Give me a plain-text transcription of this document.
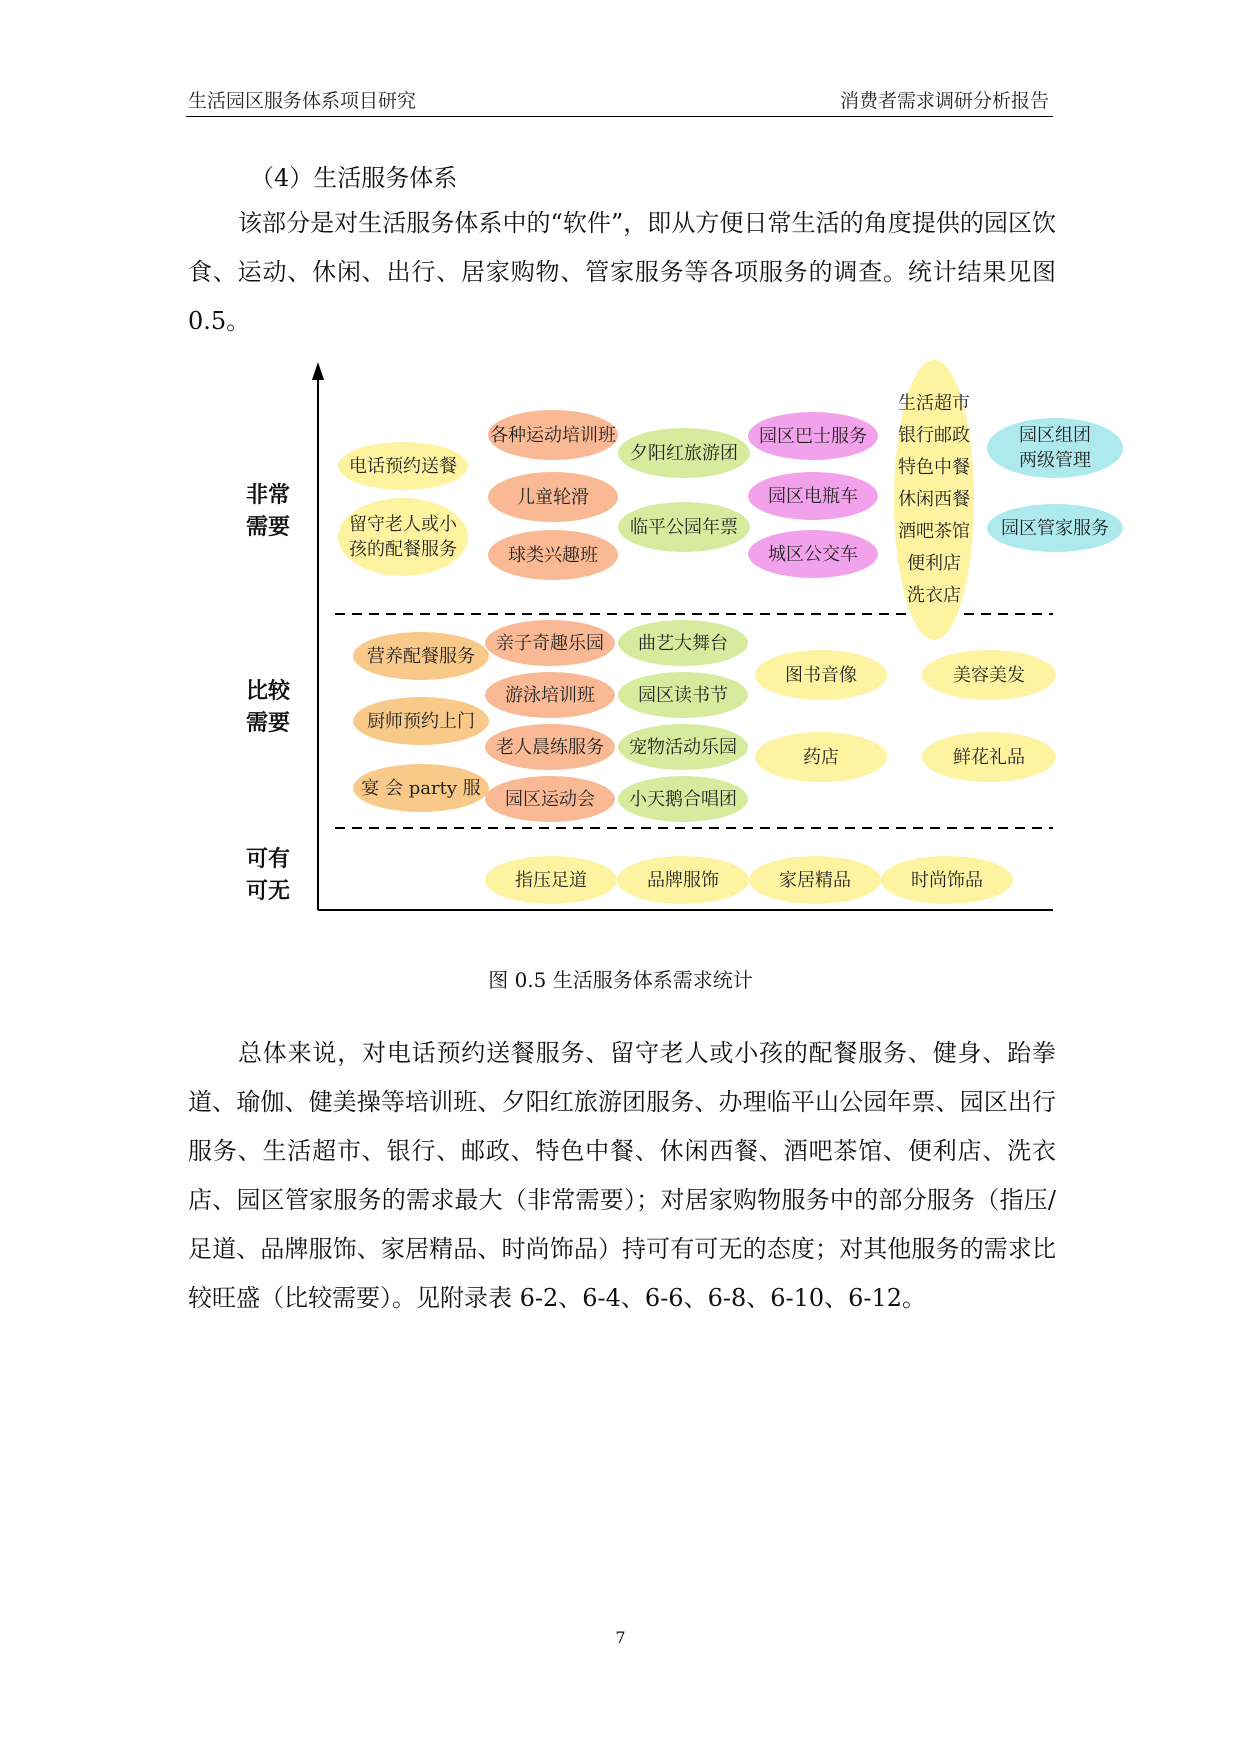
生活园区服务体系项目研究	消费者需求调研分析报告
（4）生活服务体系
该部分是对生活服务体系中的“软件”，即从方便日常生活的角度提供的园区饮食、运动、休闲、出行、居家购物、管家服务等各项服务的调查。统计结果见图 0.5。
非常
需要
比较
需要
可有
可无
电话预约送餐
留守老人或小
孩的配餐服务
各种运动培训班
儿童轮滑
球类兴趣班
夕阳红旅游团
临平公园年票
园区巴士服务
园区电瓶车
城区公交车
生活超市
银行邮政
特色中餐
休闲西餐
酒吧茶馆
便利店
洗衣店
园区组团
两级管理
园区管家服务
营养配餐服务
厨师预约上门
宴 会 party 服
亲子奇趣乐园
游泳培训班
老人晨练服务
园区运动会
曲艺大舞台
园区读书节
宠物活动乐园
小天鹅合唱团
图书音像
药店
美容美发
鲜花礼品
指压足道	品牌服饰	家居精品	时尚饰品
图 0.5 生活服务体系需求统计
总体来说，对电话预约送餐服务、留守老人或小孩的配餐服务、健身、跆拳道、瑜伽、健美操等培训班、夕阳红旅游团服务、办理临平山公园年票、园区出行服务、生活超市、银行、邮政、特色中餐、休闲西餐、酒吧茶馆、便利店、洗衣店、园区管家服务的需求最大（非常需要）；对居家购物服务中的部分服务（指压/足道、品牌服饰、家居精品、时尚饰品）持可有可无的态度；对其他服务的需求比较旺盛（比较需要）。见附录表 6-2、6-4、6-6、6-8、6-10、6-12。
7
